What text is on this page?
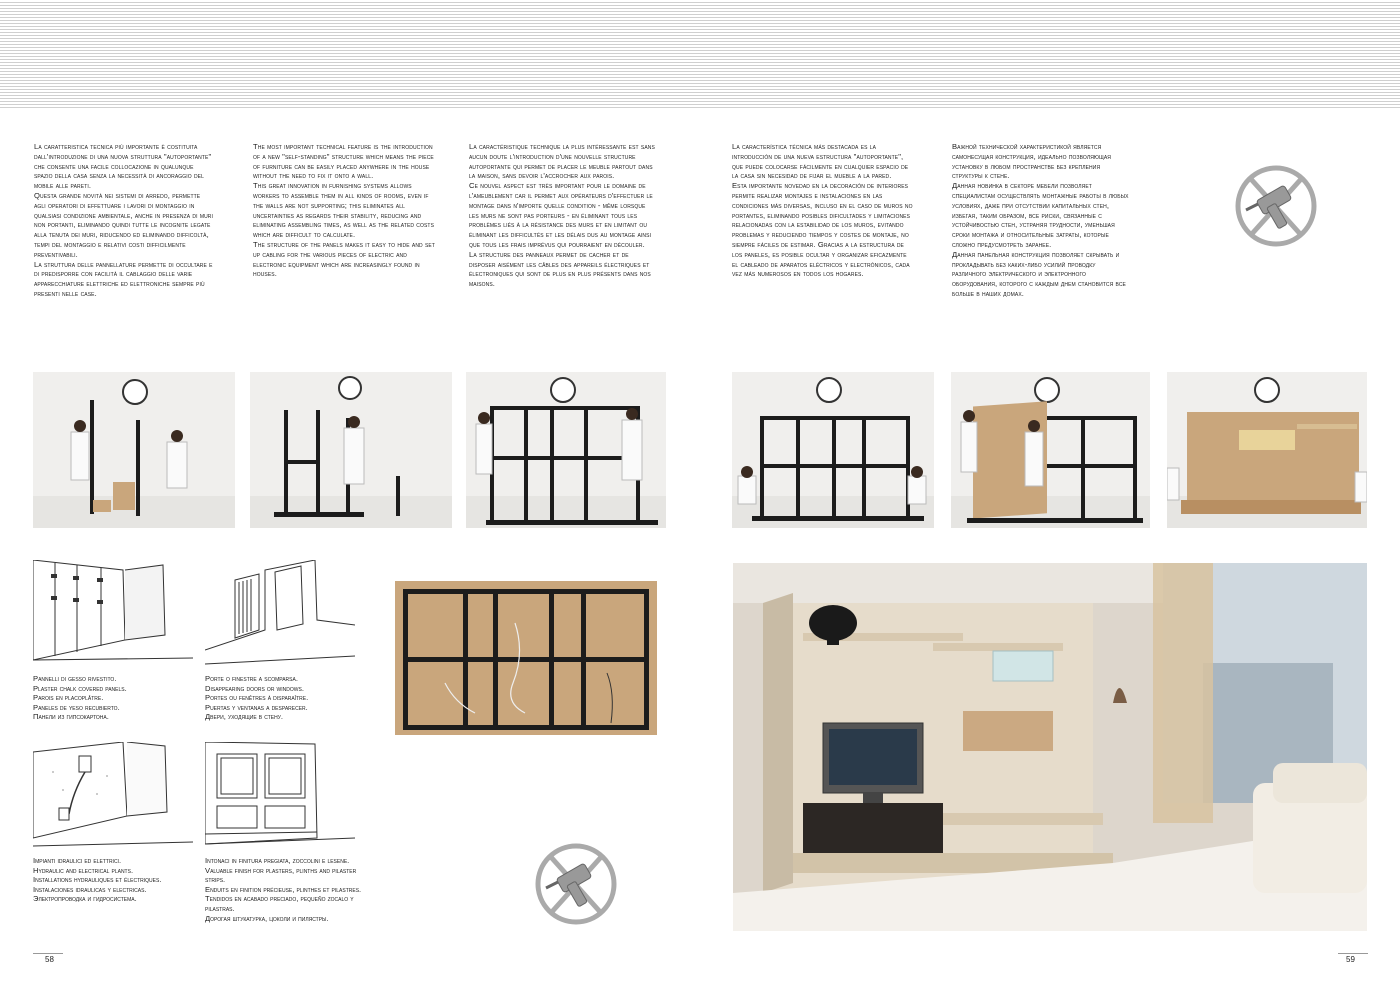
La caratteristica tecnica più importante è costituita dall'introduzione di una nuova struttura "autoportante" che consente una facile collocazione in qualunque spazio della casa senza la necessità di ancoraggio del mobile alle pareti.

Questa grande novità nei sistemi di arredo, permette agli operatori di effettuare i lavori di montaggio in qualsiasi condizione ambientale, anche in presenza di muri non portanti, eliminando quindi tutte le incognite legate alla tenuta dei muri, riducendo ed eliminando difficoltà, tempi del montaggio e relativi costi difficilmente preventivabili.

La struttura delle pannellature permette di occultare e di predisporre con facilità il cablaggio delle varie apparecchiature elettriche ed elettroniche sempre più presenti nelle case.

The most important technical feature is the introduction of a new "self-standing" structure which means the piece of furniture can be easily placed anywhere in the house without the need to fix it onto a wall.

This great innovation in furnishing systems allows workers to assemble them in all kinds of rooms, even if the walls are not supporting; this eliminates all uncertainties as regards their stability, reducing and eliminating assembling times, as well as the related costs which are difficult to calculate.

The structure of the panels makes it easy to hide and set up cabling for the various pieces of electric and electronic equipment which are increasingly found in houses.

La caractéristique technique la plus intéressante est sans aucun doute l'introduction d'une nouvelle structure autoportante qui permet de placer le meuble partout dans la maison, sans devoir l'accrocher aux parois.

Ce nouvel aspect est très important pour le domaine de l'ameublement car il permet aux opérateurs d'effectuer le montage dans n'importe quelle condition - même lorsque les murs ne sont pas porteurs - en éliminant tous les problèmes liés à la résistance des murs et en limitant ou éliminant les difficultés et les délais dus au montage ainsi que tous les frais imprévus qui pourraient en découler.

La structure des panneaux permet de cacher et de disposer aisément les câbles des appareils électriques et électroniques qui sont de plus en plus présents dans nos maisons.

La característica técnica más destacada es la introducción de una nueva estructura "autoportante", que puede colocarse fácilmente en cualquier espacio de la casa sin necesidad de fijar el mueble a la pared.

Esta importante novedad en la decoración de interiores permite realizar montajes e instalaciones en las condiciones más diversas, incluso en el caso de muros no portantes, eliminando posibles dificultades y limitaciones relacionadas con la estabilidad de los muros, evitando problemas y reduciendo tiempos y costes de montaje, no siempre fáciles de estimar. Gracias a la estructura de los paneles, es posible ocultar y organizar eficazmente el cableado de aparatos eléctricos y electrónicos, cada vez más numerosos en todos los hogares.

Важной технической характеристикой является самонесущая конструкция, идеально позволяющая установку в любом пространстве без крепления структуры к стене.

Данная новинка в секторе мебели позволяет специалистам осуществлять монтажные работы в любых условиях, даже при отсутствии капитальных стен, избегая, таким образом, все риски, связанные с устойчивостью стен, устраняя трудности, уменьшая сроки монтажа и относительные затраты, которые сложно предусмотреть заранее.

Данная панельная конструкция позволяет скрывать и прокладывать без каких-либо усилий проводку различного электрического и электронного оборудования, которого с каждым днем становится все больше в наших домах.

Pannelli di gesso rivestito.

Plaster chalk covered panels.

Parois en placoplâtre.

Paneles de yeso recubierto.

Панели из гипсокартона.

Porte o finestre a scomparsa.

Disappearing doors or windows.

Portes ou fenêtres à disparaître.

Puertas y ventanas a desparecer.

Двери, уходящие в стену.

Impianti idraulici ed elettrici.

Hydraulic and electrical plants.

Installations hydrauliques et électriques.

Instalaciones idraulicas y electricas.

Электропроводка и гидросистема.

Intonaci in finitura pregiata, zoccolini e lesene.

Valuable finish for plasters, plinths and pilaster strips.

Enduits en finition précieuse, plinthes et pilastres.

Tendidos en acabado preciado, pequeño zocalo y pilastras.

Дорогая штукатурка, цоколи и пилястры.

58	59
